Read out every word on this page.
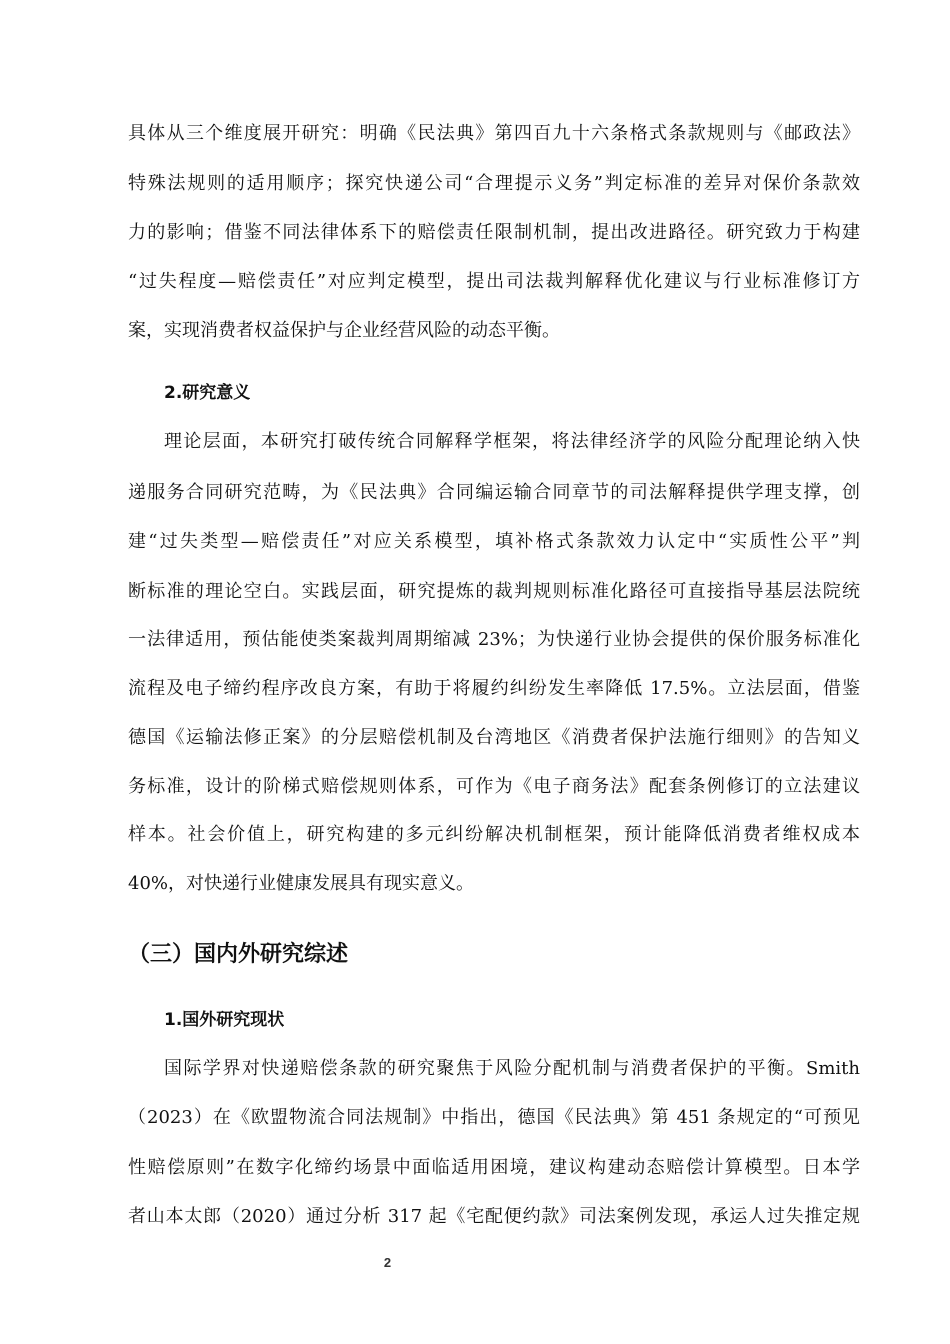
具体从三个维度展开研究：明确《民法典》第四百九十六条格式条款规则与《邮政法》
特殊法规则的适用顺序；探究快递公司“合理提示义务”判定标准的差异对保价条款效
力的影响；借鉴不同法律体系下的赔偿责任限制机制，提出改进路径。研究致力于构建
“过失程度—赔偿责任”对应判定模型，提出司法裁判解释优化建议与行业标准修订方
案，实现消费者权益保护与企业经营风险的动态平衡。
2.研究意义
理论层面，本研究打破传统合同解释学框架，将法律经济学的风险分配理论纳入快
递服务合同研究范畴，为《民法典》合同编运输合同章节的司法解释提供学理支撑，创
建“过失类型—赔偿责任”对应关系模型，填补格式条款效力认定中“实质性公平”判
断标准的理论空白。实践层面，研究提炼的裁判规则标准化路径可直接指导基层法院统
一法律适用，预估能使类案裁判周期缩减 23%；为快递行业协会提供的保价服务标准化
流程及电子缔约程序改良方案，有助于将履约纠纷发生率降低 17.5%。立法层面，借鉴
德国《运输法修正案》的分层赔偿机制及台湾地区《消费者保护法施行细则》的告知义
务标准，设计的阶梯式赔偿规则体系，可作为《电子商务法》配套条例修订的立法建议
样本。社会价值上，研究构建的多元纠纷解决机制框架，预计能降低消费者维权成本
40%，对快递行业健康发展具有现实意义。
（三）国内外研究综述
1.国外研究现状
国际学界对快递赔偿条款的研究聚焦于风险分配机制与消费者保护的平衡。Smith
（2023）在《欧盟物流合同法规制》中指出，德国《民法典》第 451 条规定的“可预见
性赔偿原则”在数字化缔约场景中面临适用困境，建议构建动态赔偿计算模型。日本学
者山本太郎（2020）通过分析 317 起《宅配便约款》司法案例发现，承运人过失推定规
2
